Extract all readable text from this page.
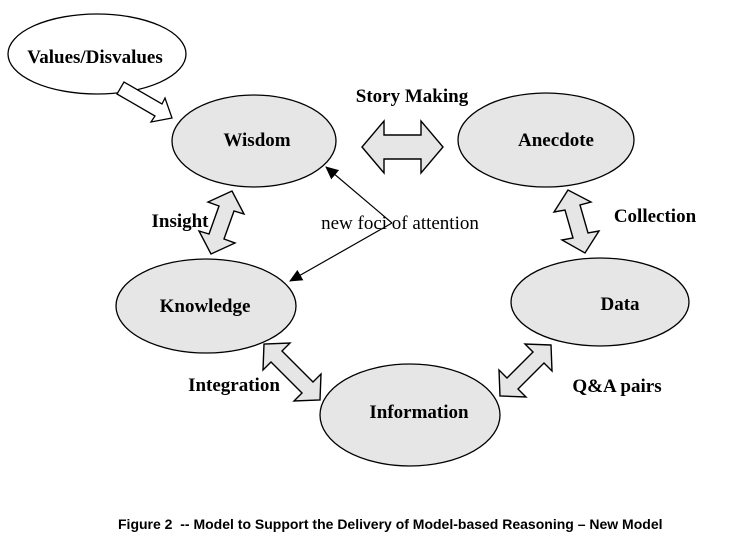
Values/Disvalues
Wisdom	Anecdote
Knowledge	Data
Information
Story Making
Insight	Collection
Integration	Q&A pairs
new foci of attention
Figure 2  -- Model to Support the Delivery of Model-based Reasoning – New Model
